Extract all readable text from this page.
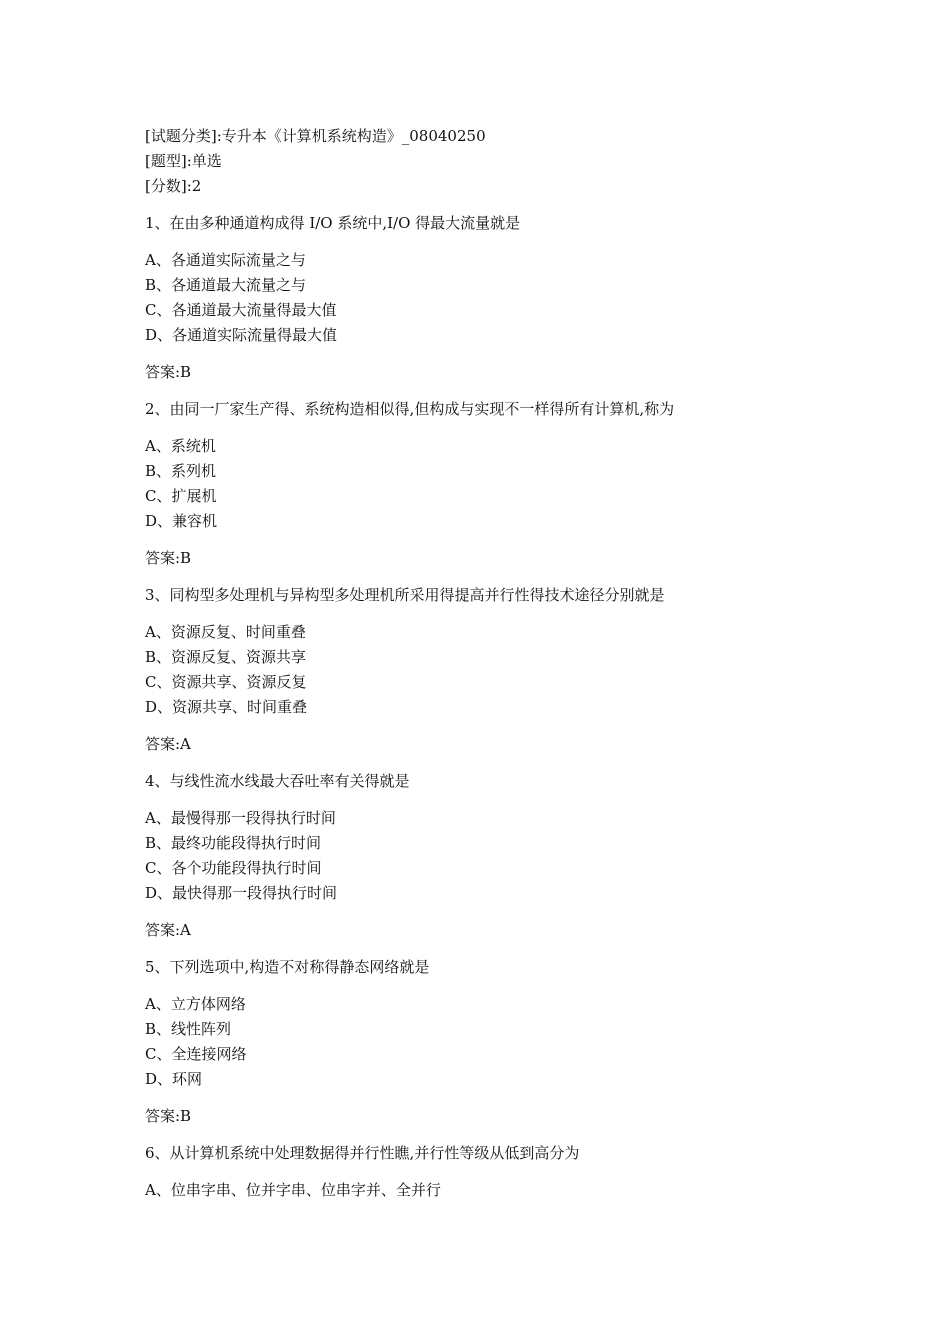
[试题分类]:专升本《计算机系统构造》_08040250
[题型]:单选
[分数]:2
1、在由多种通道构成得 I/O 系统中,I/O 得最大流量就是
A、各通道实际流量之与
B、各通道最大流量之与
C、各通道最大流量得最大值
D、各通道实际流量得最大值
答案:B
2、由同一厂家生产得、系统构造相似得,但构成与实现不一样得所有计算机,称为
A、系统机
B、系列机
C、扩展机
D、兼容机
答案:B
3、同构型多处理机与异构型多处理机所采用得提高并行性得技术途径分别就是
A、资源反复、时间重叠
B、资源反复、资源共享
C、资源共享、资源反复
D、资源共享、时间重叠
答案:A
4、与线性流水线最大吞吐率有关得就是
A、最慢得那一段得执行时间
B、最终功能段得执行时间
C、各个功能段得执行时间
D、最快得那一段得执行时间
答案:A
5、下列选项中,构造不对称得静态网络就是
A、立方体网络
B、线性阵列
C、全连接网络
D、环网
答案:B
6、从计算机系统中处理数据得并行性瞧,并行性等级从低到高分为
A、位串字串、位并字串、位串字并、全并行
